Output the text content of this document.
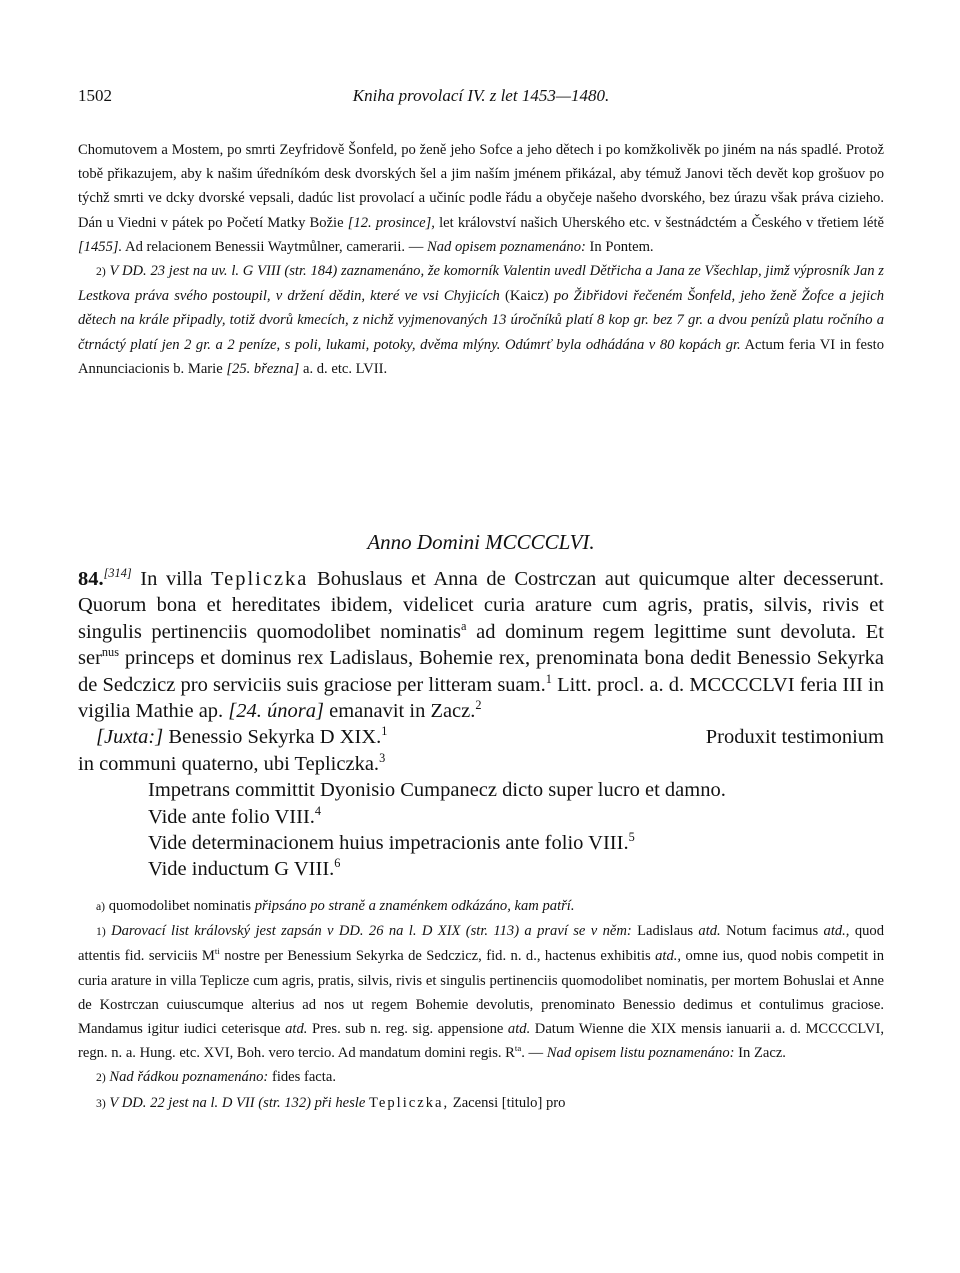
1502	Kniha provolací IV. z let 1453—1480.

Chomutovem a Mostem, po smrti Zeyfridově Šonfeld, po ženě jeho Sofce a jeho dětech i po komžkolivěk po jiném na nás spadlé. Protož tobě přikazujem, aby k našim úředníkóm desk dvorských šel a jim naším jménem přikázal, aby témuž Janovi těch devět kop grošuov po týchž smrti ve dcky dvorské vepsali, dadúc list provolací a učiníc podle řádu a obyčeje našeho dvorského, bez úrazu však práva cizieho. Dán u Viedni v pátek po Početí Matky Božie [12. prosince], let království našich Uherského etc. v šestnádctém a Českého v třetiem létě [1455]. Ad relacionem Benessii Waytmůlner, camerarii. — Nad opisem poznamenáno: In Pontem.

2) V DD. 23 jest na uv. l. G VIII (str. 184) zaznamenáno, že komorník Valentin uvedl Dětřicha a Jana ze Všechlap, jimž výprosník Jan z Lestkova práva svého postoupil, v držení dědin, které ve vsi Chyjicích (Kaicz) po Žibřidovi řečeném Šonfeld, jeho ženě Žofce a jejich dětech na krále připadly, totiž dvorů kmecích, z nichž vyjmenovaných 13 úročníků platí 8 kop gr. bez 7 gr. a dvou penízů platu ročního a čtrnáctý platí jen 2 gr. a 2 peníze, s poli, lukami, potoky, dvěma mlýny. Odúmrť byla odhádána v 80 kopách gr. Actum feria VI in festo Annunciacionis b. Marie [25. března] a. d. etc. LVII.

Anno Domini MCCCCLVI.

84.[314] In villa Tepliczka Bohuslaus et Anna de Costrczan aut quicumque alter decesserunt. Quorum bona et hereditates ibidem, videlicet curia arature cum agris, pratis, silvis, rivis et singulis pertinenciis quomodolibet nominatis$^a$ ad dominum regem legittime sunt devoluta. Et ser$^{nus}$ princeps et dominus rex Ladislaus, Bohemie rex, prenominata bona dedit Benessio Sekyrka de Sedczicz pro serviciis suis graciose per litteram suam.$^1$ Litt. procl. a. d. MCCCCLVI feria III in vigilia Mathie ap. [24. února] emanavit in Zacz.$^2$

[Juxta:] Benessio Sekyrka D XIX.$^1$	Produxit testimonium

in communi quaterno, ubi Tepliczka.$^3$

Impetrans committit Dyonisio Cumpanecz dicto super lucro et damno.
Vide ante folio VIII.$^4$
Vide determinacionem huius impetracionis ante folio VIII.$^5$
Vide inductum G VIII.$^6$

a) quomodolibet nominatis připsáno po straně a znaménkem odkázáno, kam patří.

1) Darovací list královský jest zapsán v DD. 26 na l. D XIX (str. 113) a praví se v něm: Ladislaus atd. Notum facimus atd., quod attentis fid. serviciis $M^{ti}$ nostre per Benessium Sekyrka de Sedczicz, fid. n. d., hactenus exhibitis atd., omne ius, quod nobis competit in curia arature in villa Teplicze cum agris, pratis, silvis, rivis et singulis pertinenciis quomodolibet nominatis, per mortem Bohuslai et Anne de Kostrczan cuiuscumque alterius ad nos ut regem Bohemie devolutis, prenominato Benessio dedimus et contulimus graciose. Mandamus igitur iudici ceterisque atd. Pres. sub n. reg. sig. appensione atd. Datum Wienne die XIX mensis ianuarii a. d. MCCCCLVI, regn. n. a. Hung. etc. XVI, Boh. vero tercio. Ad mandatum domini regis. $R^{ta}$. — Nad opisem listu poznamenáno: In Zacz.

2) Nad řádkou poznamenáno: fides facta.

3) V DD. 22 jest na l. D VII (str. 132) při hesle Tepliczka, Zacensi [titulo] pro
